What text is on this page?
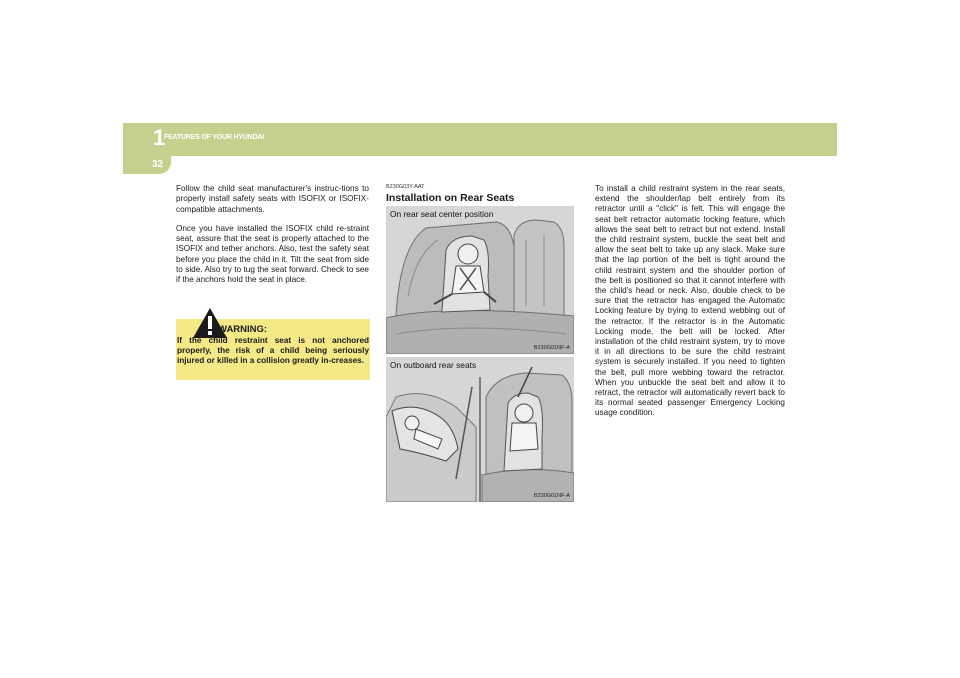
1
FEATURES OF YOUR HYUNDAI
32

Follow the child seat manufacturer's instruc-tions to properly install safety seats with ISOFIX or ISOFIX-compatible attachments.

Once you have installed the ISOFIX child re-straint seat, assure that the seat is properly attached to the ISOFIX and tether anchors. Also, test the safety seat before you place the child in it. Tilt the seat from side to side. Also try to tug the seat forward. Check to see if the anchors hold the seat in place.

WARNING:
If the child restraint seat is not anchored properly, the risk of a child being seriously injured or killed in a collision greatly in-creases.
B230G03Y-AAT
Installation on Rear Seats
On rear seat center position
B230G01NF-A
On outboard rear seats
B230G01NF-A

To install a child restraint system in the rear seats, extend the shoulder/lap belt entirely from its retractor until a "click" is felt. This will engage the seat belt retractor automatic locking feature, which allows the seat belt to retract but not extend. Install the child restraint system, buckle the seat belt and allow the seat belt to take up any slack. Make sure that the lap portion of the belt is tight around the child restraint system and the shoulder portion of the belt is positioned so that it cannot interfere with the child's head or neck. Also, double check to be sure that the retractor has engaged the Automatic Locking feature by trying to extend webbing out of the retractor. If the retractor is in the Automatic Locking mode, the belt will be locked. After installation of the child restraint system, try to move it in all directions to be sure the child restraint system is securely installed. If you need to tighten the belt, pull more webbing toward the retractor. When you unbuckle the seat belt and allow it to retract, the retractor will automatically revert back to its normal seated passenger Emergency Locking usage condition.
